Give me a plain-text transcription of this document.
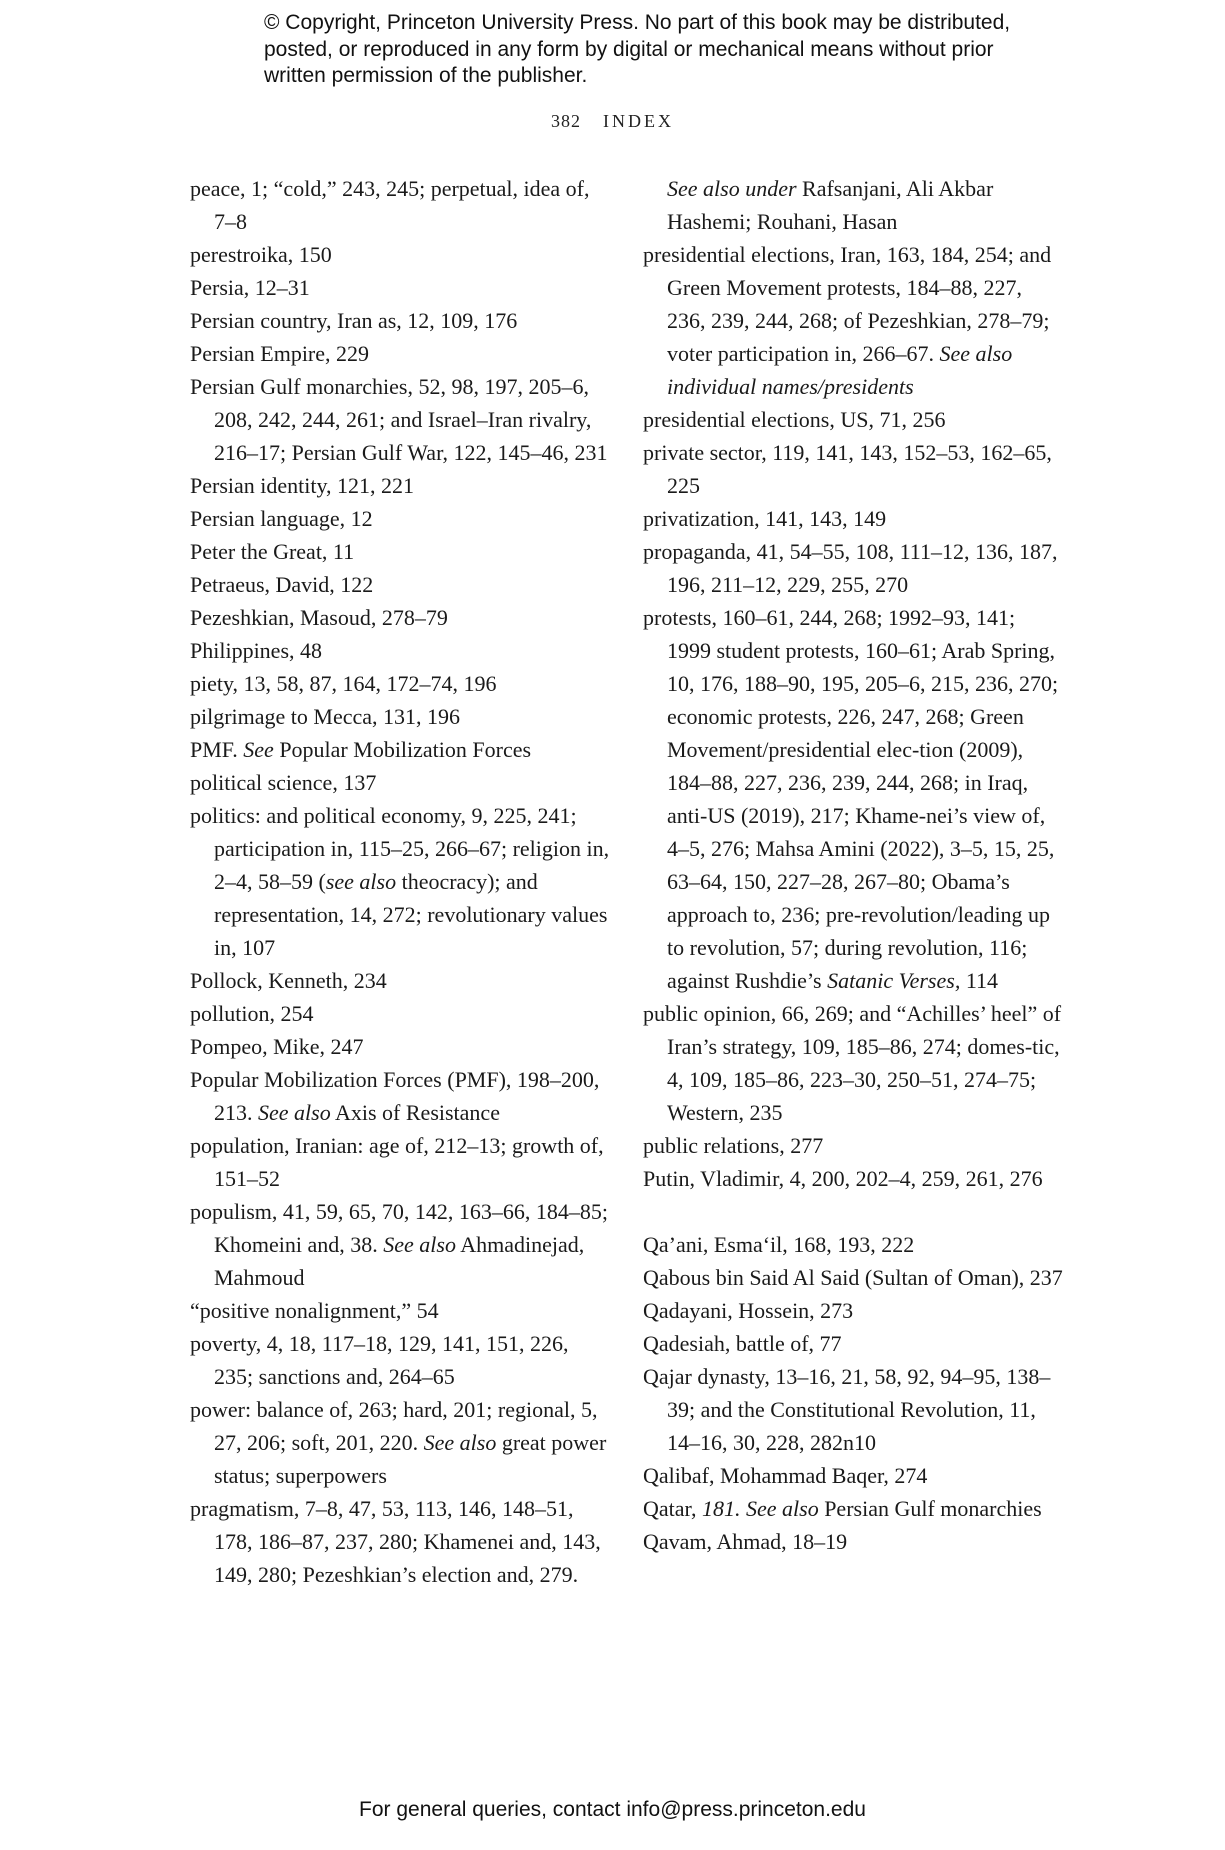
© Copyright, Princeton University Press. No part of this book may be distributed, posted, or reproduced in any form by digital or mechanical means without prior written permission of the publisher.
382 INDEX
peace, 1; “cold,” 243, 245; perpetual, idea of, 7–8
perestroika, 150
Persia, 12–31
Persian country, Iran as, 12, 109, 176
Persian Empire, 229
Persian Gulf monarchies, 52, 98, 197, 205–6, 208, 242, 244, 261; and Israel–Iran rivalry, 216–17; Persian Gulf War, 122, 145–46, 231
Persian identity, 121, 221
Persian language, 12
Peter the Great, 11
Petraeus, David, 122
Pezeshkian, Masoud, 278–79
Philippines, 48
piety, 13, 58, 87, 164, 172–74, 196
pilgrimage to Mecca, 131, 196
PMF. See Popular Mobilization Forces
political science, 137
politics: and political economy, 9, 225, 241; participation in, 115–25, 266–67; religion in, 2–4, 58–59 (see also theocracy); and representation, 14, 272; revolutionary values in, 107
Pollock, Kenneth, 234
pollution, 254
Pompeo, Mike, 247
Popular Mobilization Forces (PMF), 198–200, 213. See also Axis of Resistance
population, Iranian: age of, 212–13; growth of, 151–52
populism, 41, 59, 65, 70, 142, 163–66, 184–85; Khomeini and, 38. See also Ahmadinejad, Mahmoud
“positive nonalignment,” 54
poverty, 4, 18, 117–18, 129, 141, 151, 226, 235; sanctions and, 264–65
power: balance of, 263; hard, 201; regional, 5, 27, 206; soft, 201, 220. See also great power status; superpowers
pragmatism, 7–8, 47, 53, 113, 146, 148–51, 178, 186–87, 237, 280; Khamenei and, 143, 149, 280; Pezeshkian’s election and, 279.
See also under Rafsanjani, Ali Akbar Hashemi; Rouhani, Hasan
presidential elections, Iran, 163, 184, 254; and Green Movement protests, 184–88, 227, 236, 239, 244, 268; of Pezeshkian, 278–79; voter participation in, 266–67. See also individual names/presidents
presidential elections, US, 71, 256
private sector, 119, 141, 143, 152–53, 162–65, 225
privatization, 141, 143, 149
propaganda, 41, 54–55, 108, 111–12, 136, 187, 196, 211–12, 229, 255, 270
protests, 160–61, 244, 268; 1992–93, 141; 1999 student protests, 160–61; Arab Spring, 10, 176, 188–90, 195, 205–6, 215, 236, 270; economic protests, 226, 247, 268; Green Movement/presidential elec-tion (2009), 184–88, 227, 236, 239, 244, 268; in Iraq, anti-US (2019), 217; Khame-nei’s view of, 4–5, 276; Mahsa Amini (2022), 3–5, 15, 25, 63–64, 150, 227–28, 267–80; Obama’s approach to, 236; pre-revolution/leading up to revolution, 57; during revolution, 116; against Rushdie’s Satanic Verses, 114
public opinion, 66, 269; and “Achilles’ heel” of Iran’s strategy, 109, 185–86, 274; domes-tic, 4, 109, 185–86, 223–30, 250–51, 274–75; Western, 235
public relations, 277
Putin, Vladimir, 4, 200, 202–4, 259, 261, 276
Qa’ani, Esma‘il, 168, 193, 222
Qabous bin Said Al Said (Sultan of Oman), 237
Qadayani, Hossein, 273
Qadesiah, battle of, 77
Qajar dynasty, 13–16, 21, 58, 92, 94–95, 138–39; and the Constitutional Revolution, 11, 14–16, 30, 228, 282n10
Qalibaf, Mohammad Baqer, 274
Qatar, 181. See also Persian Gulf monarchies
Qavam, Ahmad, 18–19
For general queries, contact info@press.princeton.edu
